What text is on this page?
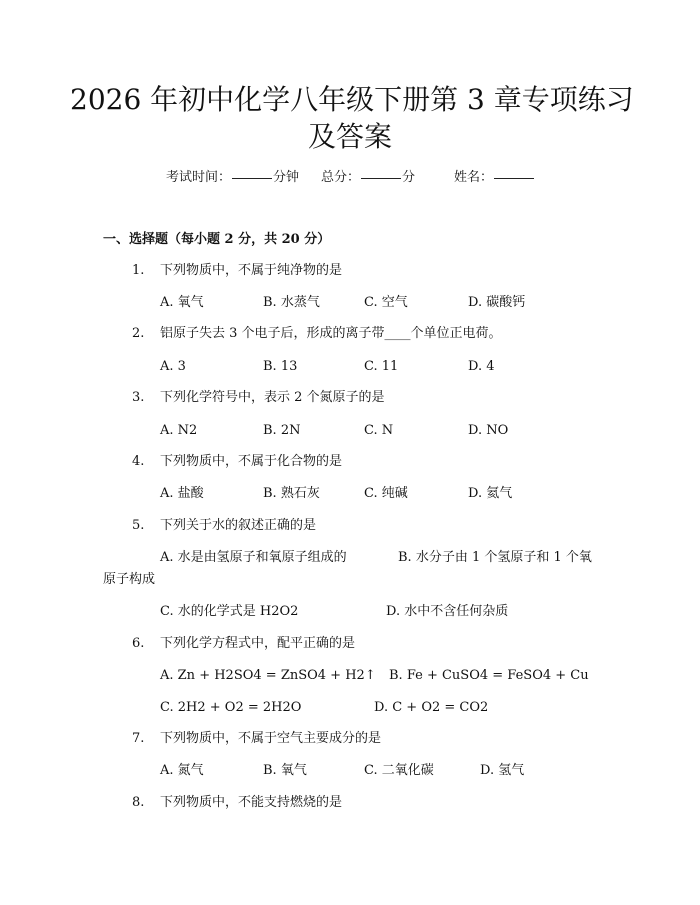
2026 年初中化学八年级下册第 3 章专项练习
及答案
考试时间：	分钟 总分：	分	姓名：
一、选择题（每小题 2 分，共 20 分）
1. 下列物质中，不属于纯净物的是
A. 氧气	B. 水蒸气	C. 空气	D. 碳酸钙
2. 铝原子失去 3 个电子后，形成的离子带____个单位正电荷。
A. 3	B. 13	C. 11	D. 4
3. 下列化学符号中，表示 2 个氮原子的是
A. N2	B. 2N	C. N	D. NO
4. 下列物质中，不属于化合物的是
A. 盐酸	B. 熟石灰	C. 纯碱	D. 氦气
5. 下列关于水的叙述正确的是
A. 水是由氢原子和氧原子组成的	B. 水分子由 1 个氢原子和 1 个氧
原子构成
C. 水的化学式是 H2O2	D. 水中不含任何杂质
6. 下列化学方程式中，配平正确的是
A. Zn + H2SO4 = ZnSO4 + H2↑ B. Fe + CuSO4 = FeSO4 + Cu
C. 2H2 + O2 = 2H2O	D. C + O2 = CO2
7. 下列物质中，不属于空气主要成分的是
A. 氮气	B. 氧气	C. 二氧化碳	D. 氢气
8. 下列物质中，不能支持燃烧的是
